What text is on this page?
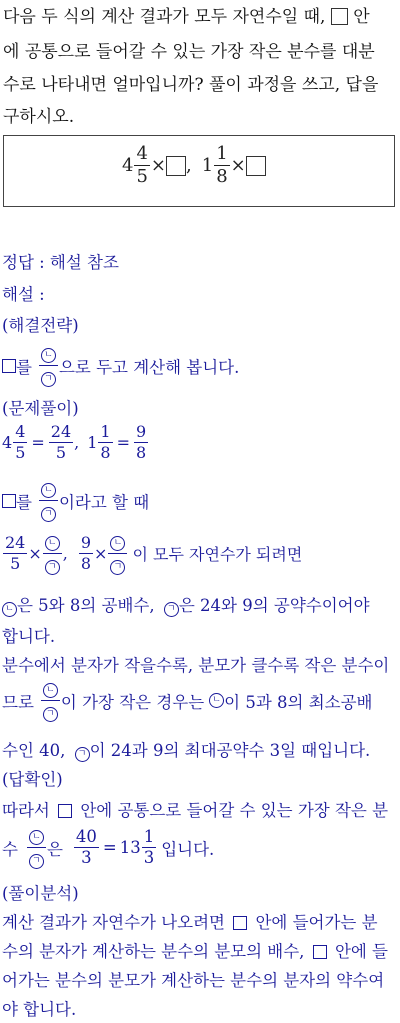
다음 두 식의 계산 결과가 모두 자연수일 때, 안
에 공통으로 들어갈 수 있는 가장 작은 분수를 대분
수로 나타내면 얼마입니까? 풀이 과정을 쓰고, 답을
구하시오.
$4 \frac{4}{5}$ × , $1 \frac{1}{8}$ ×
정답 : 해설 참조
해설 :
(해결전략)
를 $\frac{\text{ㄴ}}{\text{ㄱ}}$ 으로 두고 계산해 봅니다.
(문제풀이)
$4 \frac{4}{5} = \frac{24}{5}$ , $1 \frac{1}{8} = \frac{9}{8}$
를 $\frac{\text{ㄴ}}{\text{ㄱ}}$ 이라고 할 때
$\frac{24}{5} \times \frac{\text{ㄴ}}{\text{ㄱ}}$ , $\frac{9}{8} \times \frac{\text{ㄴ}}{\text{ㄱ}}$ 이 모두 자연수가 되려면
ㄴ 은 5와 8의 공배수, ㄱ 은 24와 9의 공약수이어야
합니다.
분수에서 분자가 작을수록, 분모가 클수록 작은 분수이
므로 $\frac{\text{ㄴ}}{\text{ㄱ}}$ 이 가장 작은 경우는 ㄴ 이 5과 8의 최소공배
수인 40, ㄱ 이 24과 9의 최대공약수 3일 때입니다.
(답확인)
따라서 안에 공통으로 들어갈 수 있는 가장 작은 분
수 $\frac{\text{ㄴ}}{\text{ㄱ}}$ 은 $\frac{40}{3} = 13 \frac{1}{3}$ 입니다.
(풀이분석)
계산 결과가 자연수가 나오려면 안에 들어가는 분
수의 분자가 계산하는 분수의 분모의 배수, 안에 들
어가는 분수의 분모가 계산하는 분수의 분자의 약수여
야 합니다.
